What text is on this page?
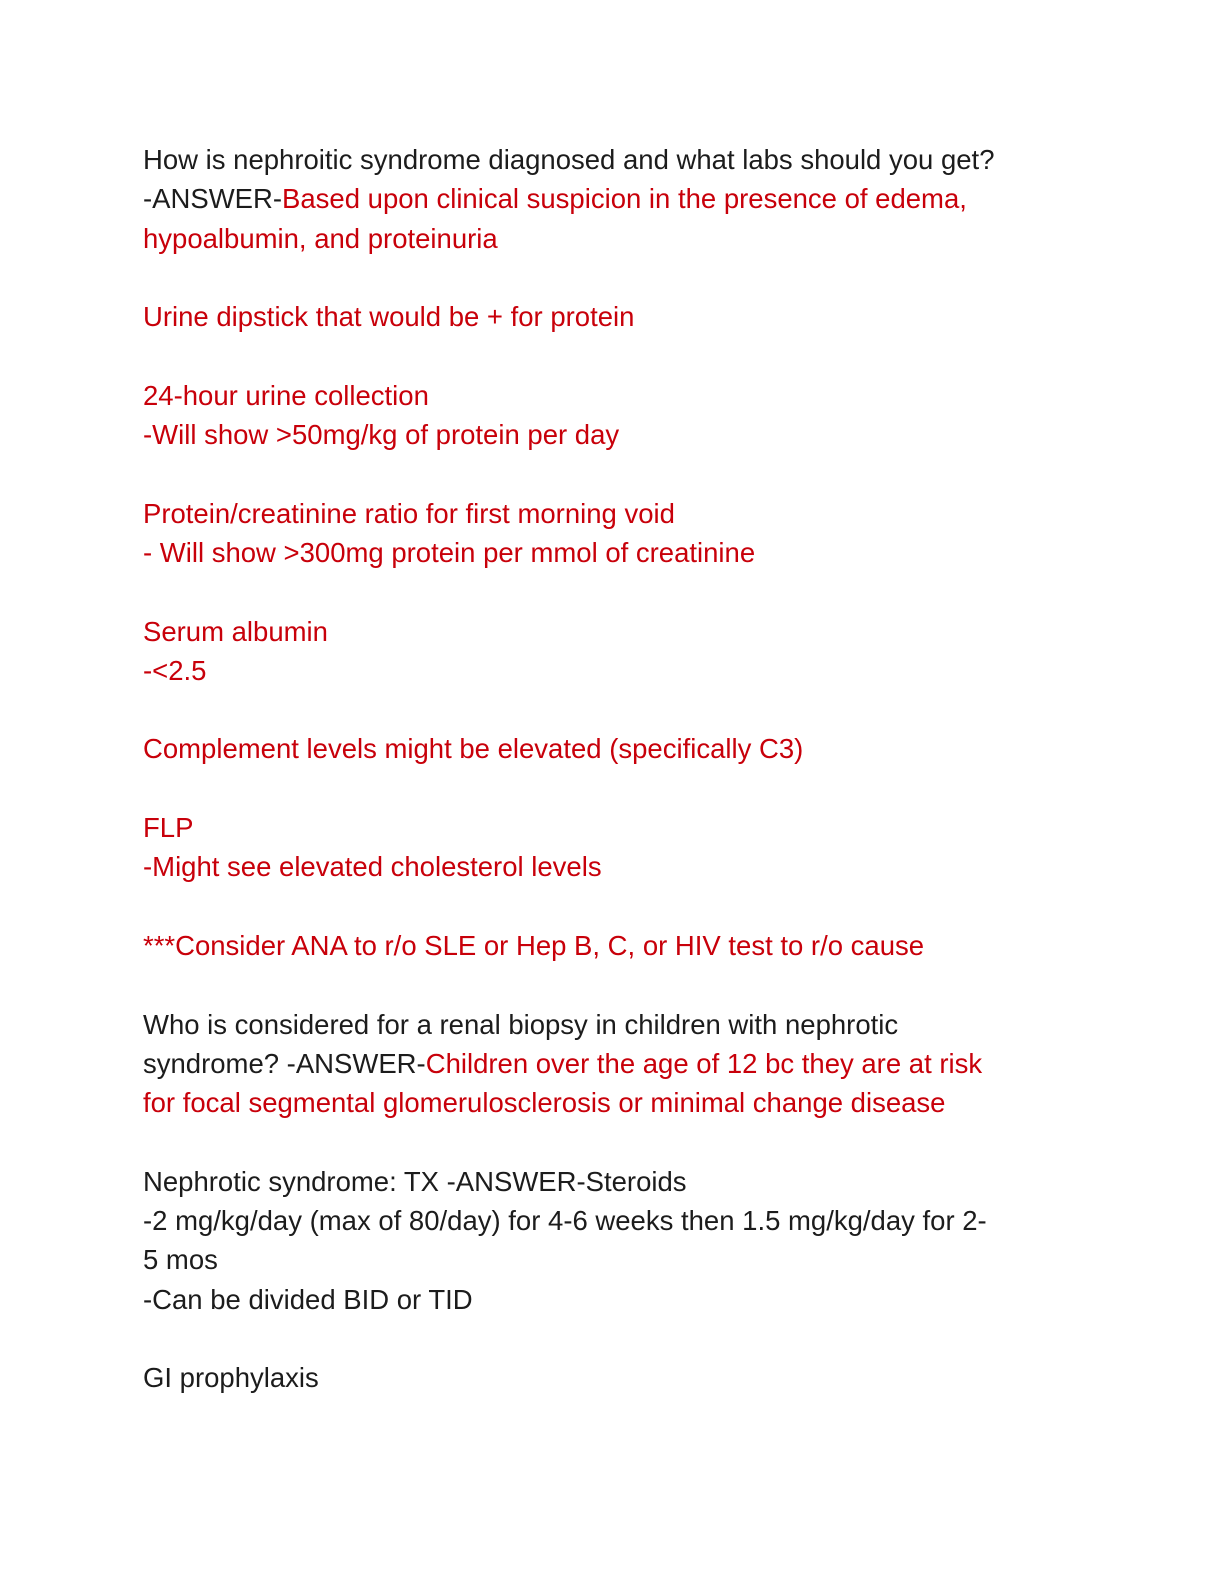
How is nephroitic syndrome diagnosed and what labs should you get?
-ANSWER-Based upon clinical suspicion in the presence of edema,
hypoalbumin, and proteinuria
Urine dipstick that would be + for protein
24-hour urine collection
-Will show >50mg/kg of protein per day
Protein/creatinine ratio for first morning void
- Will show >300mg protein per mmol of creatinine
Serum albumin
-<2.5
Complement levels might be elevated (specifically C3)
FLP
-Might see elevated cholesterol levels
***Consider ANA to r/o SLE or Hep B, C, or HIV test to r/o cause
Who is considered for a renal biopsy in children with nephrotic
syndrome? -ANSWER-Children over the age of 12 bc they are at risk
for focal segmental glomerulosclerosis or minimal change disease
Nephrotic syndrome: TX -ANSWER-Steroids
-2 mg/kg/day (max of 80/day) for 4-6 weeks then 1.5 mg/kg/day for 2-
5 mos
-Can be divided BID or TID
GI prophylaxis
